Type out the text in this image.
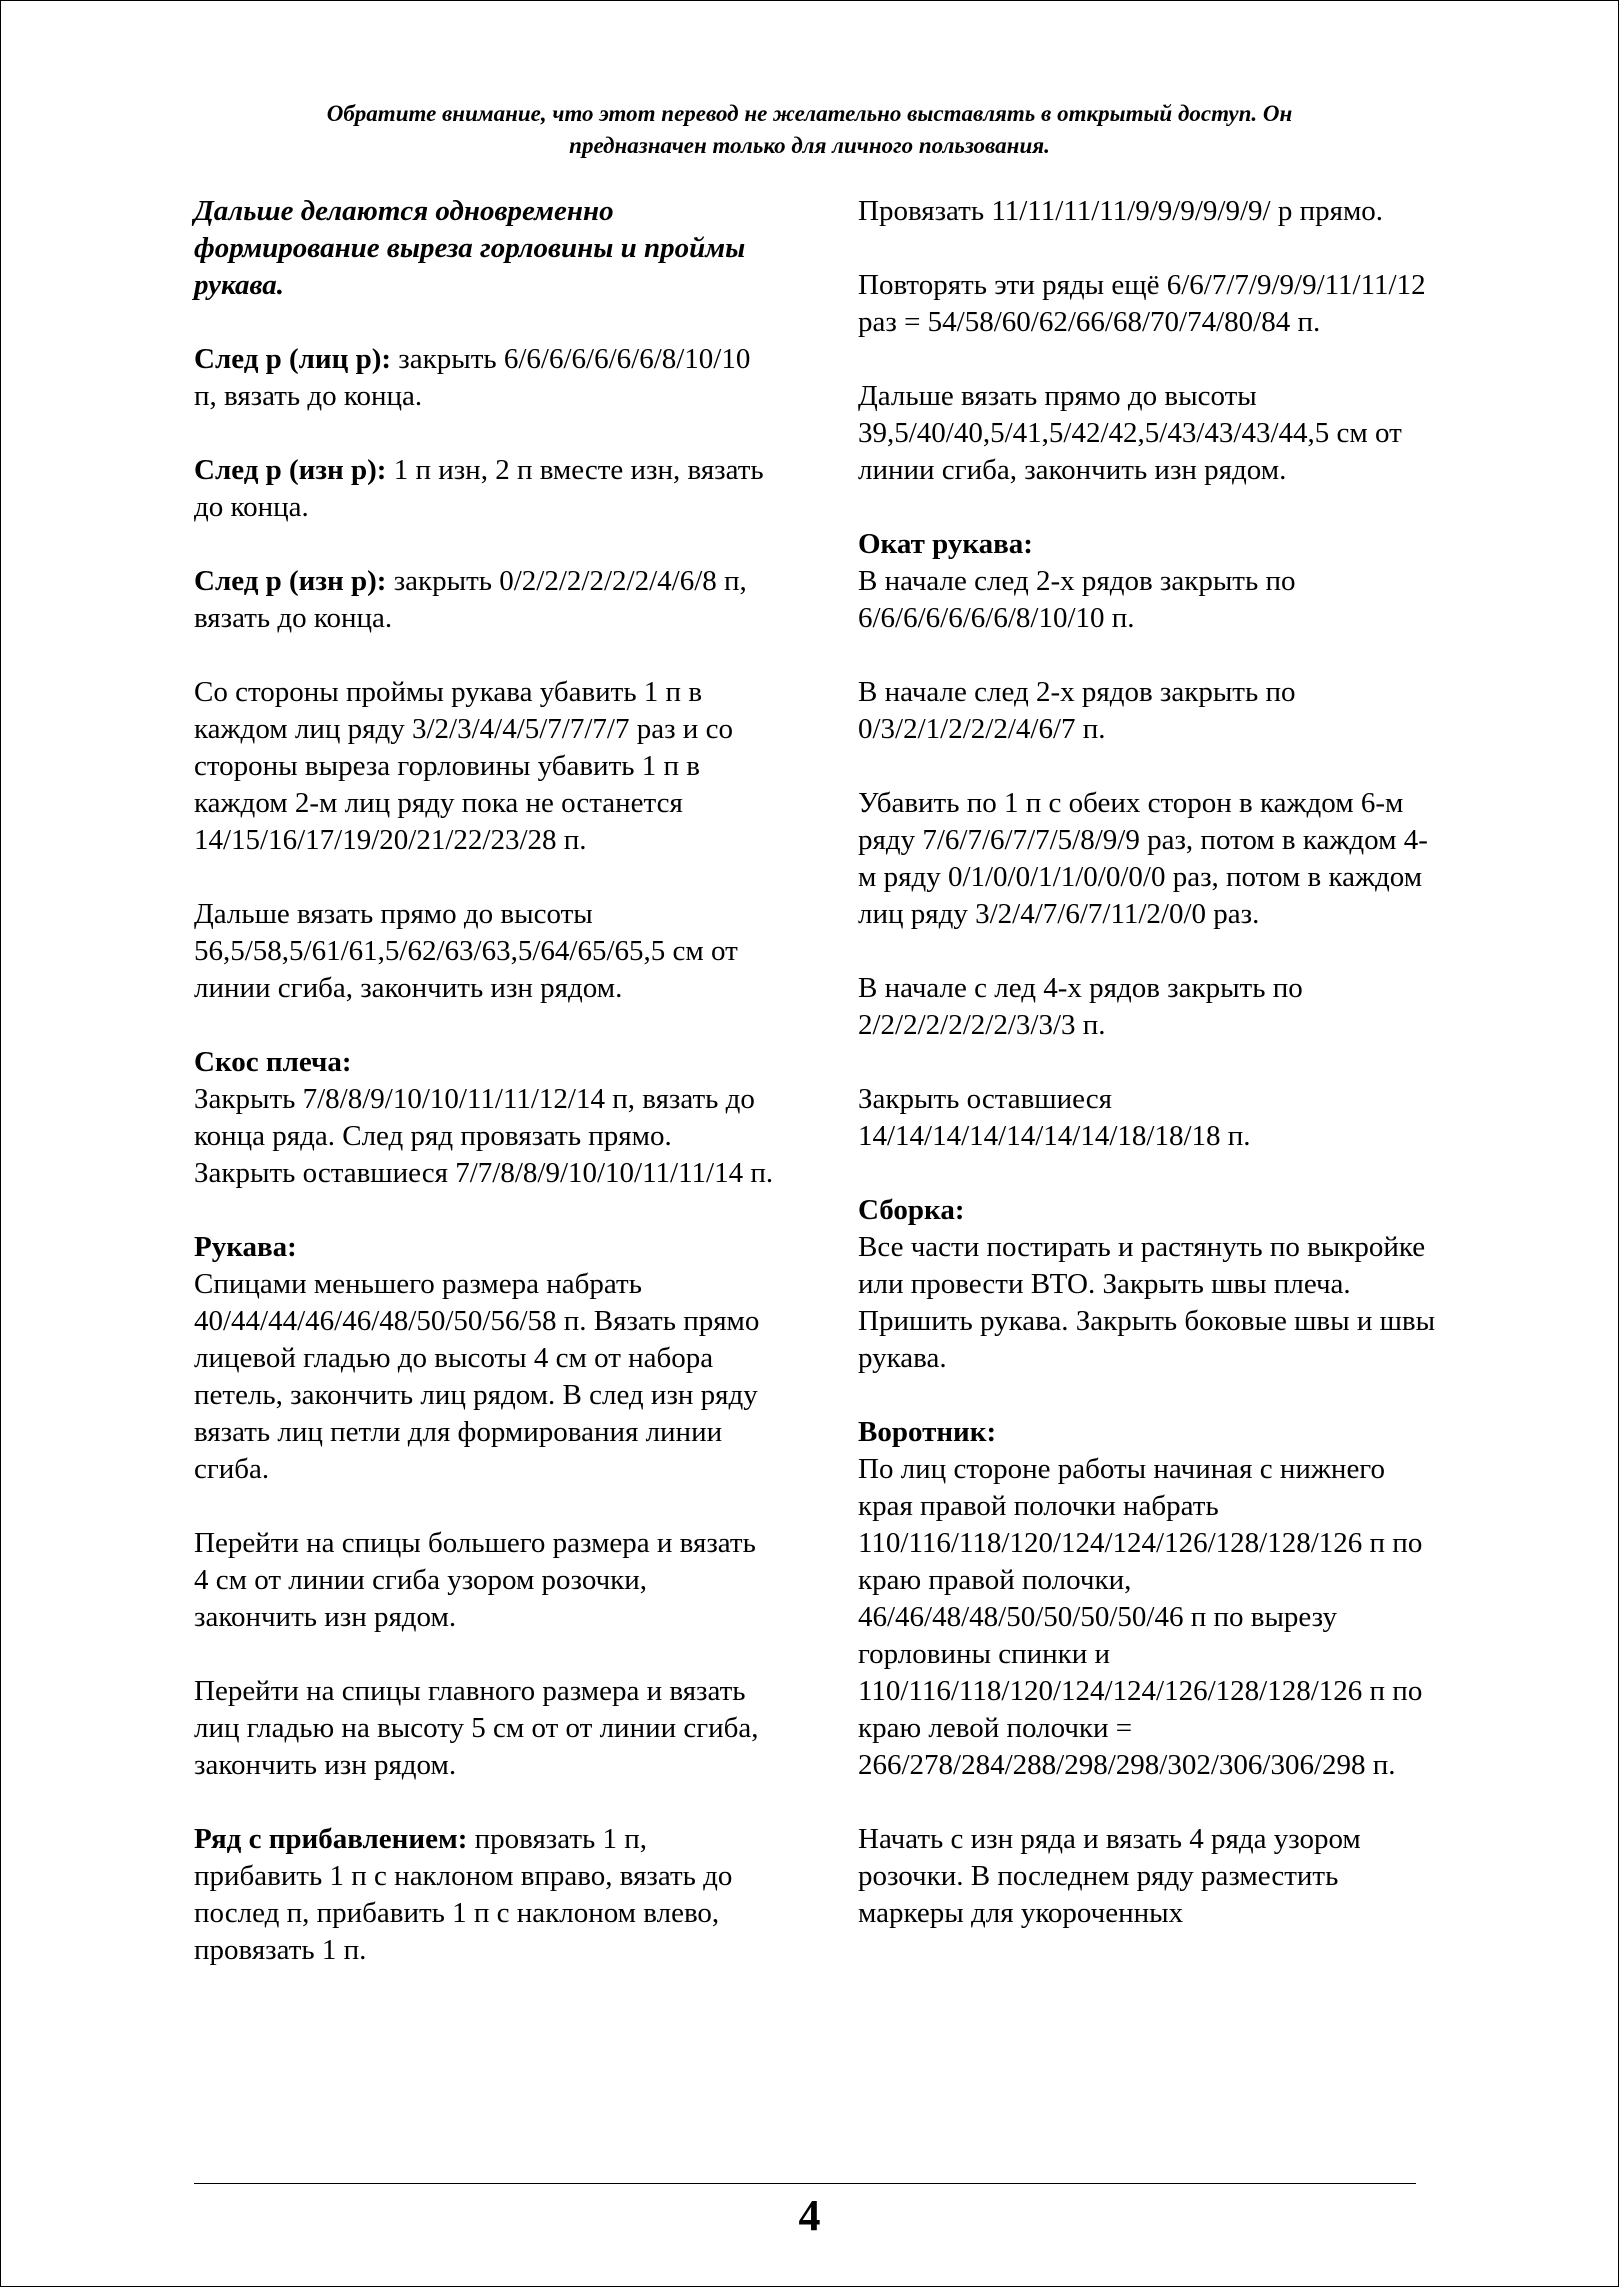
Обратите внимание, что этот перевод не желательно выставлять в открытый доступ. Он
предназначен только для личного пользования.

Дальше делаются одновременно формирование выреза горловины и проймы рукава.

След р (лиц р): закрыть 6/6/6/6/6/6/6/8/10/10 п, вязать до конца.

След р (изн р): 1 п изн, 2 п вместе изн, вязать до конца.

След р (изн р): закрыть 0/2/2/2/2/2/2/4/6/8 п, вязать до конца.

Со стороны проймы рукава убавить 1 п в каждом лиц ряду 3/2/3/4/4/5/7/7/7/7 раз и со стороны выреза горловины убавить 1 п в каждом 2-м лиц ряду пока не останется 14/15/16/17/19/20/21/22/23/28 п.

Дальше вязать прямо до высоты 56,5/58,5/61/61,5/62/63/63,5/64/65/65,5 см от линии сгиба, закончить изн рядом.

Скос плеча:
Закрыть 7/8/8/9/10/10/11/11/12/14 п, вязать до конца ряда. След ряд провязать прямо. Закрыть оставшиеся 7/7/8/8/9/10/10/11/11/14 п.

Рукава:
Спицами меньшего размера набрать 40/44/44/46/46/48/50/50/56/58 п. Вязать прямо лицевой гладью до высоты 4 см от набора петель, закончить лиц рядом. В след изн ряду вязать лиц петли для формирования линии сгиба.

Перейти на спицы большего размера и вязать 4 см от линии сгиба узором розочки, закончить изн рядом.

Перейти на спицы главного размера и вязать лиц гладью на высоту 5 см от от линии сгиба, закончить изн рядом.

Ряд с прибавлением: провязать 1 п, прибавить 1 п с наклоном вправо, вязать до послед п, прибавить 1 п с наклоном влево, провязать 1 п.

Провязать 11/11/11/11/9/9/9/9/9/9/ р прямо.

Повторять эти ряды ещё 6/6/7/7/9/9/9/11/11/12 раз = 54/58/60/62/66/68/70/74/80/84 п.

Дальше вязать прямо до высоты 39,5/40/40,5/41,5/42/42,5/43/43/43/44,5 см от линии сгиба, закончить изн рядом.

Окат рукава:
В начале след 2-х рядов закрыть по 6/6/6/6/6/6/6/8/10/10 п.

В начале след 2-х рядов закрыть по 0/3/2/1/2/2/2/4/6/7 п.

Убавить по 1 п с обеих сторон в каждом 6-м ряду 7/6/7/6/7/7/5/8/9/9 раз, потом в каждом 4-м ряду 0/1/0/0/1/1/0/0/0/0 раз, потом в каждом лиц ряду 3/2/4/7/6/7/11/2/0/0 раз.

В начале с лед 4-х рядов закрыть по 2/2/2/2/2/2/2/3/3/3 п.

Закрыть оставшиеся 14/14/14/14/14/14/14/18/18/18 п.

Сборка:
Все части постирать и растянуть по выкройке или провести ВТО. Закрыть швы плеча. Пришить рукава. Закрыть боковые швы и швы рукава.

Воротник:
По лиц стороне работы начиная с нижнего края правой полочки набрать 110/116/118/120/124/124/126/128/128/126 п по краю правой полочки, 46/46/48/48/50/50/50/50/46 п по вырезу горловины спинки и 110/116/118/120/124/124/126/128/128/126 п по краю левой полочки = 266/278/284/288/298/298/302/306/306/298 п.

Начать с изн ряда и вязать 4 ряда узором розочки. В последнем ряду разместить маркеры для укороченных

4
